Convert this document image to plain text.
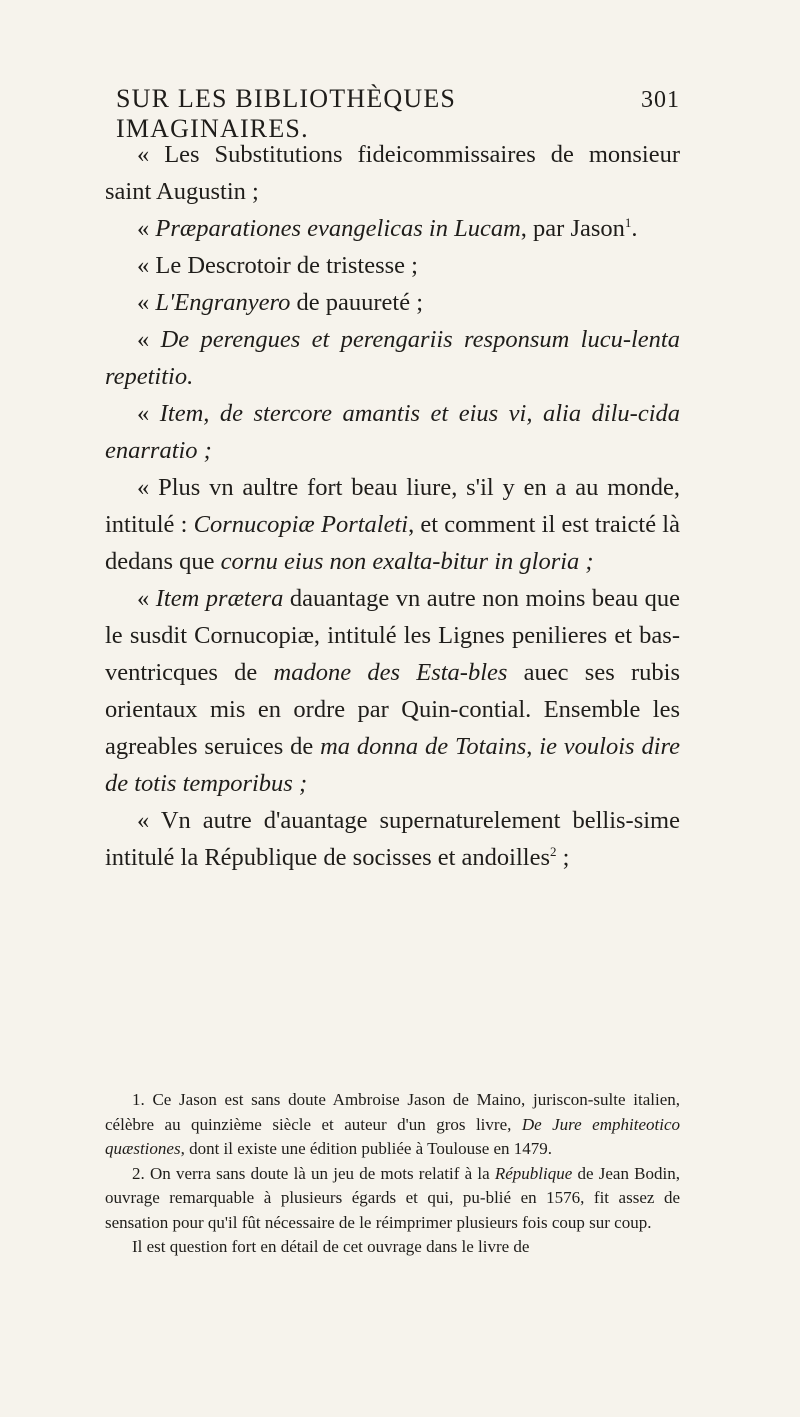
SUR LES BIBLIOTHÈQUES IMAGINAIRES.
301

« Les Substitutions fideicommissaires de monsieur saint Augustin ;

« Præparationes evangelicas in Lucam, par Jason$^1$.

« Le Descrotoir de tristesse ;

« L'Engranyero de pauureté ;

« De perengues et perengariis responsum lucu-lenta repetitio.

« Item, de stercore amantis et eius vi, alia dilu-cida enarratio ;

« Plus vn aultre fort beau liure, s'il y en a au monde, intitulé : Cornucopiæ Portaleti, et comment il est traicté là dedans que cornu eius non exalta-bitur in gloria ;

« Item prætera dauantage vn autre non moins beau que le susdit Cornucopiæ, intitulé les Lignes penilieres et bas-ventricques de madone des Esta-bles auec ses rubis orientaux mis en ordre par Quin-contial. Ensemble les agreables seruices de ma donna de Totains, ie voulois dire de totis temporibus ;

« Vn autre d'auantage supernaturelement bellis-sime intitulé la République de socisses et andoilles$^2$ ;

1. Ce Jason est sans doute Ambroise Jason de Maino, juriscon-sulte italien, célèbre au quinzième siècle et auteur d'un gros livre, De Jure emphiteotico quæstiones, dont il existe une édition publiée à Toulouse en 1479.

2. On verra sans doute là un jeu de mots relatif à la République de Jean Bodin, ouvrage remarquable à plusieurs égards et qui, pu-blié en 1576, fit assez de sensation pour qu'il fût nécessaire de le réimprimer plusieurs fois coup sur coup.

Il est question fort en détail de cet ouvrage dans le livre de
